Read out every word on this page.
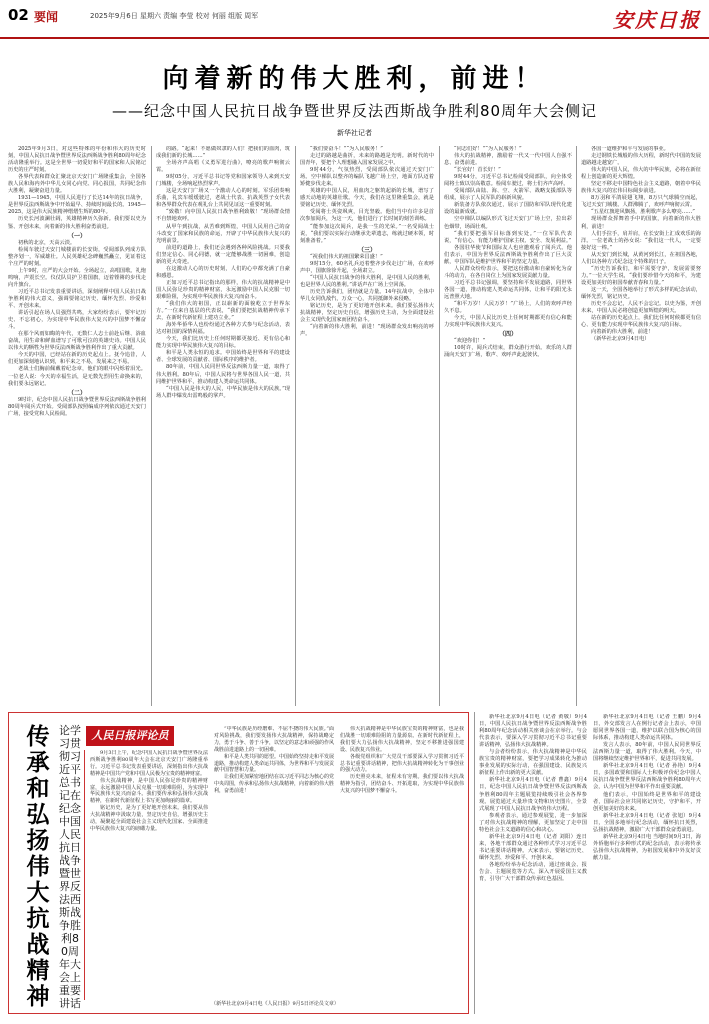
02 要闻	2025年9月6日 星期六 责编 李莹 校对 何丽 组版 周军	安庆日报
向着新的伟大胜利，前进！
——纪念中国人民抗日战争暨世界反法西斯战争胜利80周年大会侧记
新华社记者

2025年9月3日，对这些特殊的年份和伟大的历史时刻，中国人民抗日战争暨世界反法西斯战争胜利80周年纪念活动隆重举行。这是全世界一切爱好和平的国家和人民铭记历史的庄严时刻。

各界代表和群众汇聚北京天安门广场隆重集会，全国各族人民和海内外中华儿女同心向党、同心报国，共同纪念伟大胜利，凝聚奋进力量。

1931—1945，中国人民进行了长达14年的抗日战争，是世界反法西斯战争中开始最早、持续时间最长的。1945—2025，这是伟大民族精神熠熠生辉的80年。

历史长河波澜壮阔，英雄精神历久弥新。我们要以史为鉴、开创未来，向着新的伟大胜利奋勇前进。

（一）

初秋的北京，天高云淡。

检阅车驶过天安门城楼前的长安街，受阅部队列成方队整齐划一，军威雄壮。人民英雄纪念碑巍然矗立，见证着这个庄严的时刻。

上午9时，庄严的大会开始。全场起立，高唱国歌。礼炮鸣响，声震长空。仪仗队员护卫着国旗，迈着铿锵的步伐走向升旗台。

习近平总书记发表重要讲话，深刻阐释中国人民抗日战争胜利的伟大意义，强调要铭记历史、缅怀先烈、珍爱和平、开创未来。

讲话引起在场人员强烈共鸣，大家纷纷表示，要牢记历史、不忘初心，为实现中华民族伟大复兴的中国梦不懈奋斗。

在那个风雨如晦的年代，无数仁人志士前赴后继、浴血奋战，用生命和鲜血谱写了可歌可泣的英雄史诗。中国人民以伟大的牺牲为世界反法西斯战争胜利作出了重大贡献。

今天的中国，已经站在新的历史起点上。抚今追昔，人们更加深刻地认识到，和平来之不易，发展来之不易。

老战士们胸前佩戴着纪念章，他们的眼中闪烁着泪光。一位老人说：今天的幸福生活，是无数先烈用生命换来的，我们要永远铭记。

（二）

9时许，纪念中国人民抗日战争暨世界反法西斯战争胜利80周年阅兵式开始。受阅部队按照编成序列依次通过天安门广场，接受党和人民检阅。

的路。“起来！不愿做奴隶的人们！把我们的血肉，筑成我们新的长城……”

全场齐声高唱《义勇军进行曲》，嘹亮的歌声响彻云霄。

9时05分，习近平总书记等党和国家领导人来到天安门城楼，全场响起热烈掌声。

这是天安门广场又一个激动人心的时刻。军乐团奏响乐曲，礼宾车缓缓驶过，老战士代表、抗战英烈子女代表和各界群众代表在观礼台上共同见证这一重要时刻。

“致敬！向中国人民抗日战争胜利致敬！”现场群众情不自禁地欢呼。

从甲午到抗战，从苦难到辉煌，中国人民用自己的奋斗改变了国家和民族的命运，开辟了中华民族伟大复兴的光明前景。

前进的道路上，我们还会遇到各种风险挑战。只要我们坚定信心、同心同德，就一定能够战胜一切困难，创造新的更大奇迹。

在这激动人心的历史时刻，人们的心中都充满了自豪和感恩。

正如习近平总书记指出的那样，伟大的抗战精神是中国人民弥足珍贵的精神财富，永远激励中国人民克服一切艰难险阻，为实现中华民族伟大复兴而奋斗。

“我们伟大的祖国，正以崭新的面貌屹立于世界东方。”一位来自基层的代表说，“我们要把抗战精神传承下去，在新时代新征程上建功立业。”

海外华侨华人也纷纷通过各种方式参与纪念活动，表达对祖国的深情祝福。

今天，我们比历史上任何时期都更接近、更有信心和能力实现中华民族伟大复兴的目标。

和平是人类永恒的追求。中国始终是世界和平的建设者、全球发展的贡献者、国际秩序的维护者。

80年前，中国人民同世界反法西斯力量一道，取得了伟大胜利。80年后，中国人民将与世界各国人民一道，共同维护世界和平，推动构建人类命运共同体。

“中国人民是伟大的人民，中华民族是伟大的民族。”现场人群中爆发出雷鸣般的掌声。

“我们要奋斗！”“为人民服务！”

走过的路越是曲折，未来的路越是光明。新时代的中国青年，要把个人理想融入国家发展之中。

9时44分，气氛热烈，受阅部队依次通过天安门广场。空中梯队以整齐的编队飞越广场上空，地面方队迈着矫健步伐走来。

英雄的中国人民，用血肉之躯筑起新的长城，谱写了感天动地的英雄壮歌。今天，我们在这里隆重集会，就是要铭记历史、缅怀先烈。

受阅将士英姿飒爽，目光坚毅。他们当中有许多是首次参加阅兵，为这一天，他们进行了长时间的刻苦训练。

“能参加这次阅兵，是我一生的光荣。”一名受阅战士说，“我们要以实际行动继承先辈遗志，练就过硬本领，时刻准备着。”

（三）

“祝我们伟大的祖国繁荣昌盛！”

9时15分，60名礼兵迈着整齐步伐走过广场，在欢呼声中，国旗徐徐升起，全场肃立。

“中国人民抗日战争的伟大胜利，是中国人民的胜利，也是世界人民的胜利。”讲话声在广场上空回荡。

历史告诉我们，团结就是力量。14年抗战中，全体中华儿女同仇敌忾，万众一心，共同抵御外来侵略。

铭记历史，是为了更好地开创未来。我们要弘扬伟大抗战精神，坚定历史自信，增强历史主动，为全面建设社会主义现代化国家而团结奋斗。

“向着新的伟大胜利，前进！”现场群众发出响亮的呼声。

“同志们好！”“为人民服务！”

伟大的抗战精神，激励着一代又一代中国人自强不息、奋勇前进。

“长官好！首长好！”

9时44分，习近平总书记检阅受阅部队，向全体受阅将士致以崇高敬意。检阅车驶过，将士们齐声高呼。

受阅部队由陆、海、空、火箭军、战略支援部队等组成，展示了人民军队的崭新风貌。

新装备方队依次通过，展示了国防和军队现代化建设的最新成就。

空中梯队以编队形式飞过天安门广场上空，拉出彩色烟带，场面壮观。

“我们要把强军目标落到实处。”一位军队代表说，“有信心、有能力维护国家主权、安全、发展利益。”

各国驻华使节和国际友人也应邀观看了阅兵式。他们表示，中国为世界反法西斯战争胜利作出了巨大贡献，中国军队是维护世界和平的坚定力量。

人民群众纷纷表示，要把这份激动和自豪转化为奋斗的动力，在各自岗位上为国家发展贡献力量。

习近平总书记强调，要坚持和平发展道路，同世界各国一道，推动构建人类命运共同体，让和平的阳光永远普照大地。

“和平万岁！人民万岁！”广场上，人们的欢呼声经久不息。

今天，中国人民比历史上任何时期都更有信心和能力实现中华民族伟大复兴。

（四）

“欢迎你们！”

10时许，阅兵式结束，群众游行开始。欢乐的人群涌向天安门广场，歌声、欢呼声此起彼伏。

各国一道维护和平与发展的事业。

走过钢铁长城般的伟大历程，新时代中国的发展道路越走越宽广。

伟大的中国人民，伟大的中华民族，必将在新征程上创造新的更大辉煌。

坚定不移走中国特色社会主义道路，朝着中华民族伟大复兴的宏伟目标阔步前进。

8万羽和平鸽展翅飞翔，8万只气球腾空而起，飞过天安门城楼。人群沸腾了，欢呼声响彻云霄。

“五星红旗迎风飘扬，胜利歌声多么嘹亮……”

现场群众挥舞着手中的国旗，向着新的伟大胜利，前进！

人们手拉手，肩并肩，在长安街上汇成欢乐的海洋。一位老战士的孙女说：“我们这一代人，一定要接好这一棒。”

从天安门到长城，从黄河到长江，在祖国各地，人们以各种方式纪念这个特殊的日子。

“历史告诉我们，和平需要守护，发展需要努力。”一位大学生说，“我们要珍惜今天的和平，为建设更加美好的祖国奉献青春和力量。”

这一天，全国各地举行了形式多样的纪念活动，缅怀先烈，铭记历史。

历史不会忘记，人民不会忘记。以史为鉴，开创未来，中国人民必将创造更加辉煌的明天。

站在新的历史起点上，我们比任何时候都更有信心、更有能力实现中华民族伟大复兴的目标。

向着新的伟大胜利，前进！

（新华社北京9月4日电）

传承和弘扬伟大抗战精神
论学习贯彻习近平总书记在纪念中国人民抗日战争暨世界反法西斯战争胜利80周年大会上重要讲话
人民日报评论员

9月3日上午，纪念中国人民抗日战争暨世界反法西斯战争胜利80周年大会在北京天安门广场隆重举行。习近平总书记发表重要讲话，深刻指出伟大抗战精神是中国共产党和中国人民极为宝贵的精神财富。

伟大抗战精神，是中国人民弥足珍贵的精神财富，永远激励中国人民克服一切艰难险阻，为实现中华民族伟大复兴而奋斗。我们要传承和弘扬伟大抗战精神，在新时代新征程上书写更加绚丽的篇章。

铭记历史，是为了更好地开创未来。我们要从伟大抗战精神中汲取力量，坚定历史自信，增强历史主动，凝聚起全面建设社会主义现代化国家、全面推进中华民族伟大复兴的磅礴力量。

“中华民族是历经磨难、不屈不挠的伟大民族。”面对风险挑战，我们要发扬伟大抗战精神，保持战略定力，勇于斗争、善于斗争，以坚定的意志和顽强的作风战胜前进道路上的一切困难。

和平是人类共同的愿望。中国始终坚持走和平发展道路，推动构建人类命运共同体，为世界和平与发展贡献中国智慧和力量。

让我们更加紧密地团结在以习近平同志为核心的党中央周围，传承和弘扬伟大抗战精神，向着新的伟大胜利，奋勇前进！

伟大抗战精神是中华民族宝贵的精神财富，也是我们战胜一切艰难险阻的力量源泉。在新时代新征程上，我们要大力弘扬伟大抗战精神，坚定不移推进强国建设、民族复兴伟业。

各级党组织和广大党员干部要深入学习贯彻习近平总书记重要讲话精神，把伟大抗战精神转化为干事创业的强大动力。

历史照亮未来，征程未有穷期。我们要以伟大抗战精神为指引，团结奋斗、开拓进取，为实现中华民族伟大复兴的中国梦不懈奋斗。

（新华社北京9月4日电《人民日报》9月5日评论员文章）

新华社北京9月4日电（记者 黄敬）9月4日，中国人民抗日战争暨世界反法西斯战争胜利80周年纪念活动相关座谈会在京举行。与会代表表示，要深入学习贯彻习近平总书记重要讲话精神，弘扬伟大抗战精神。

与会者纷纷表示，伟大抗战精神是中华民族宝贵的精神财富，要把学习成果转化为推动事业发展的实际行动，在强国建设、民族复兴新征程上作出新的更大贡献。

新华社北京9月4日电（记者 曹鑫）9月4日，纪念中国人民抗日战争暨世界反法西斯战争胜利80周年主题展览持续吸引社会各界参观。展览通过大量珍贵文物和历史图片，全景式展现了中国人民抗日战争的伟大历程。

参观者表示，通过参观展览，进一步加深了对伟大抗战精神的理解，更加坚定了走中国特色社会主义道路的信心和决心。

新华社北京9月4日电（记者 刘阳）连日来，各地干部群众通过各种形式学习习近平总书记重要讲话精神。大家表示，要铭记历史、缅怀先烈、珍爱和平、开创未来。

各地纷纷举办纪念活动，通过座谈会、报告会、主题展览等方式，深入开展爱国主义教育，引导广大干部群众传承红色基因。

新华社北京9月4日电（记者 王鹏）9月4日，外交部发言人在例行记者会上表示，中国愿同世界各国一道，维护以联合国为核心的国际体系，推动构建人类命运共同体。

发言人表示，80年前，中国人民同世界反法西斯力量一道，取得了伟大胜利。今天，中国将继续坚定维护世界和平，促进共同发展。

新华社北京9月4日电（记者 孙艳）9月4日，多国政要和国际人士积极评价纪念中国人民抗日战争暨世界反法西斯战争胜利80周年大会，认为中国为世界和平作出重要贡献。

他们表示，中国始终是世界和平的建设者，国际社会应共同铭记历史，守护和平，开创更加美好的未来。

新华社北京9月4日电（记者 张旭）9月4日，全国多地举行纪念活动，缅怀抗日英烈，弘扬抗战精神，激励广大干部群众奋勇前进。

新华社北京9月4日电 当地时间9月3日，海外侨胞举行多种形式的纪念活动，表示将传承弘扬伟大抗战精神，为祖国发展和中外友好贡献力量。
